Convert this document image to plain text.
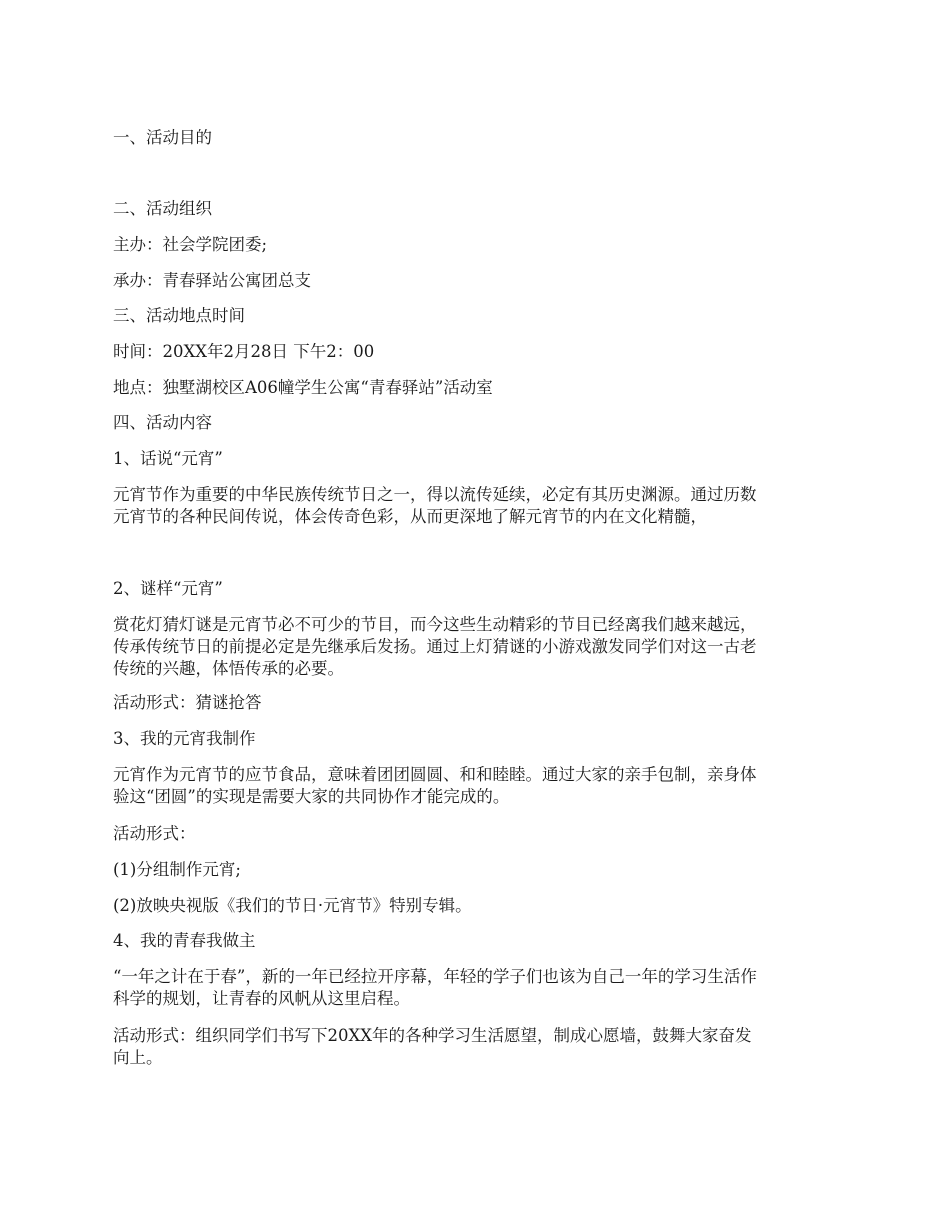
一、活动目的
二、活动组织
主办：社会学院团委;
承办：青春驿站公寓团总支
三、活动地点时间
时间：20XX年2月28日 下午2：00
地点：独墅湖校区A06幢学生公寓“青春驿站”活动室
四、活动内容
1、话说“元宵”
元宵节作为重要的中华民族传统节日之一，得以流传延续，必定有其历史渊源。通过历数
元宵节的各种民间传说，体会传奇色彩，从而更深地了解元宵节的内在文化精髓，
2、谜样“元宵”
赏花灯猜灯谜是元宵节必不可少的节目，而今这些生动精彩的节目已经离我们越来越远，
传承传统节日的前提必定是先继承后发扬。通过上灯猜谜的小游戏激发同学们对这一古老
传统的兴趣，体悟传承的必要。
活动形式：猜谜抢答
3、我的元宵我制作
元宵作为元宵节的应节食品，意味着团团圆圆、和和睦睦。通过大家的亲手包制，亲身体
验这“团圆”的实现是需要大家的共同协作才能完成的。
活动形式：
(1)分组制作元宵;
(2)放映央视版《我们的节日·元宵节》特别专辑。
4、我的青春我做主
“一年之计在于春”，新的一年已经拉开序幕，年轻的学子们也该为自己一年的学习生活作
科学的规划，让青春的风帆从这里启程。
活动形式：组织同学们书写下20XX年的各种学习生活愿望，制成心愿墙，鼓舞大家奋发
向上。
